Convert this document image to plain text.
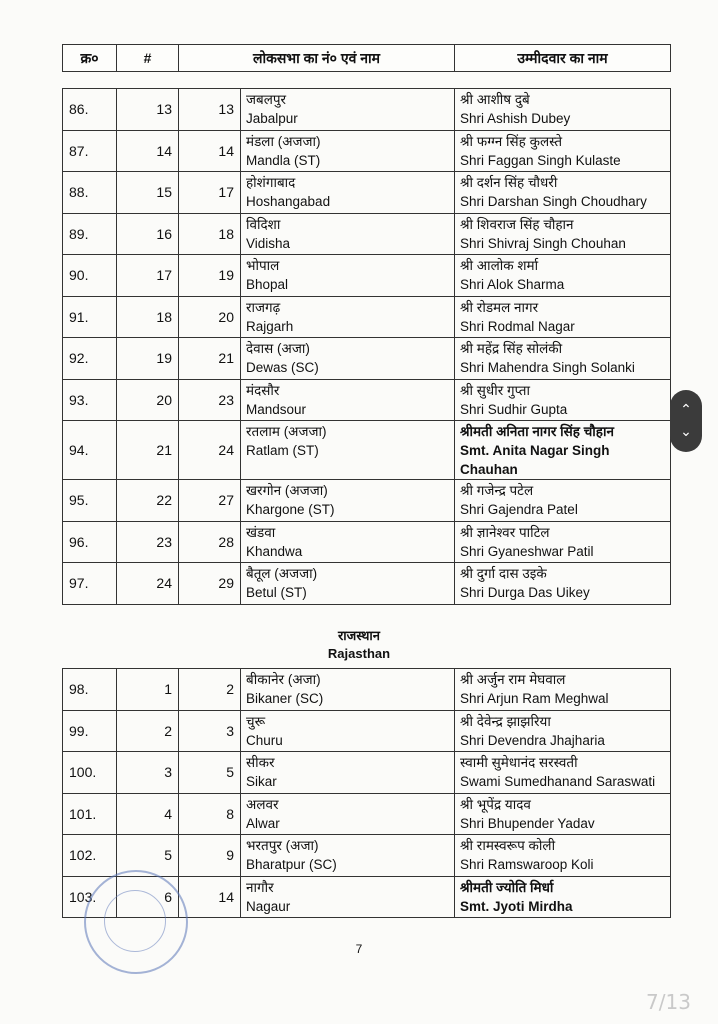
क्र०	#	लोकसभा का नं० एवं नाम	उम्मीदवार का नाम
86.	13	13	जबलपुर
Jabalpur	श्री आशीष दुबे
Shri Ashish Dubey

87.	14	14	मंडला (अजजा)
Mandla (ST)	श्री फग्ग्न सिंह कुलस्ते
Shri Faggan Singh Kulaste

88.	15	17	होशंगाबाद
Hoshangabad	श्री दर्शन सिंह चौधरी
Shri Darshan Singh Choudhary

89.	16	18	विदिशा
Vidisha	श्री शिवराज सिंह चौहान
Shri Shivraj Singh Chouhan

90.	17	19	भोपाल
Bhopal	श्री आलोक शर्मा
Shri Alok Sharma

91.	18	20	राजगढ़
Rajgarh	श्री रोडमल नागर
Shri Rodmal Nagar

92.	19	21	देवास (अजा)
Dewas (SC)	श्री महेंद्र सिंह सोलंकी
Shri Mahendra Singh Solanki

93.	20	23	मंदसौर
Mandsour	श्री सुधीर गुप्ता
Shri Sudhir Gupta

94.	21	24	रतलाम (अजजा)
Ratlam (ST)	श्रीमती अनिता नागर सिंह चौहान
Smt. Anita Nagar Singh Chauhan

95.	22	27	खरगोन (अजजा)
Khargone (ST)	श्री गजेन्द्र पटेल
Shri Gajendra Patel

96.	23	28	खंडवा
Khandwa	श्री ज्ञानेश्वर पाटिल
Shri Gyaneshwar Patil

97.	24	29	बैतूल (अजजा)
Betul (ST)	श्री दुर्गा दास उइके
Shri Durga Das Uikey
राजस्थान
Rajasthan
98.	1	2	बीकानेर (अजा)
Bikaner (SC)	श्री अर्जुन राम मेघवाल
Shri Arjun Ram Meghwal

99.	2	3	चुरू
Churu	श्री देवेन्द्र झाझरिया
Shri Devendra Jhajharia

100.	3	5	सीकर
Sikar	स्वामी सुमेधानंद सरस्वती
Swami Sumedhanand Saraswati

101.	4	8	अलवर
Alwar	श्री भूपेंद्र यादव
Shri Bhupender Yadav

102.	5	9	भरतपुर (अजा)
Bharatpur (SC)	श्री रामस्वरूप कोली
Shri Ramswaroop Koli

103.	6	14	नागौर
Nagaur	श्रीमती ज्योति मिर्धा
Smt. Jyoti Mirdha
7
⌃
⌄
7/13
